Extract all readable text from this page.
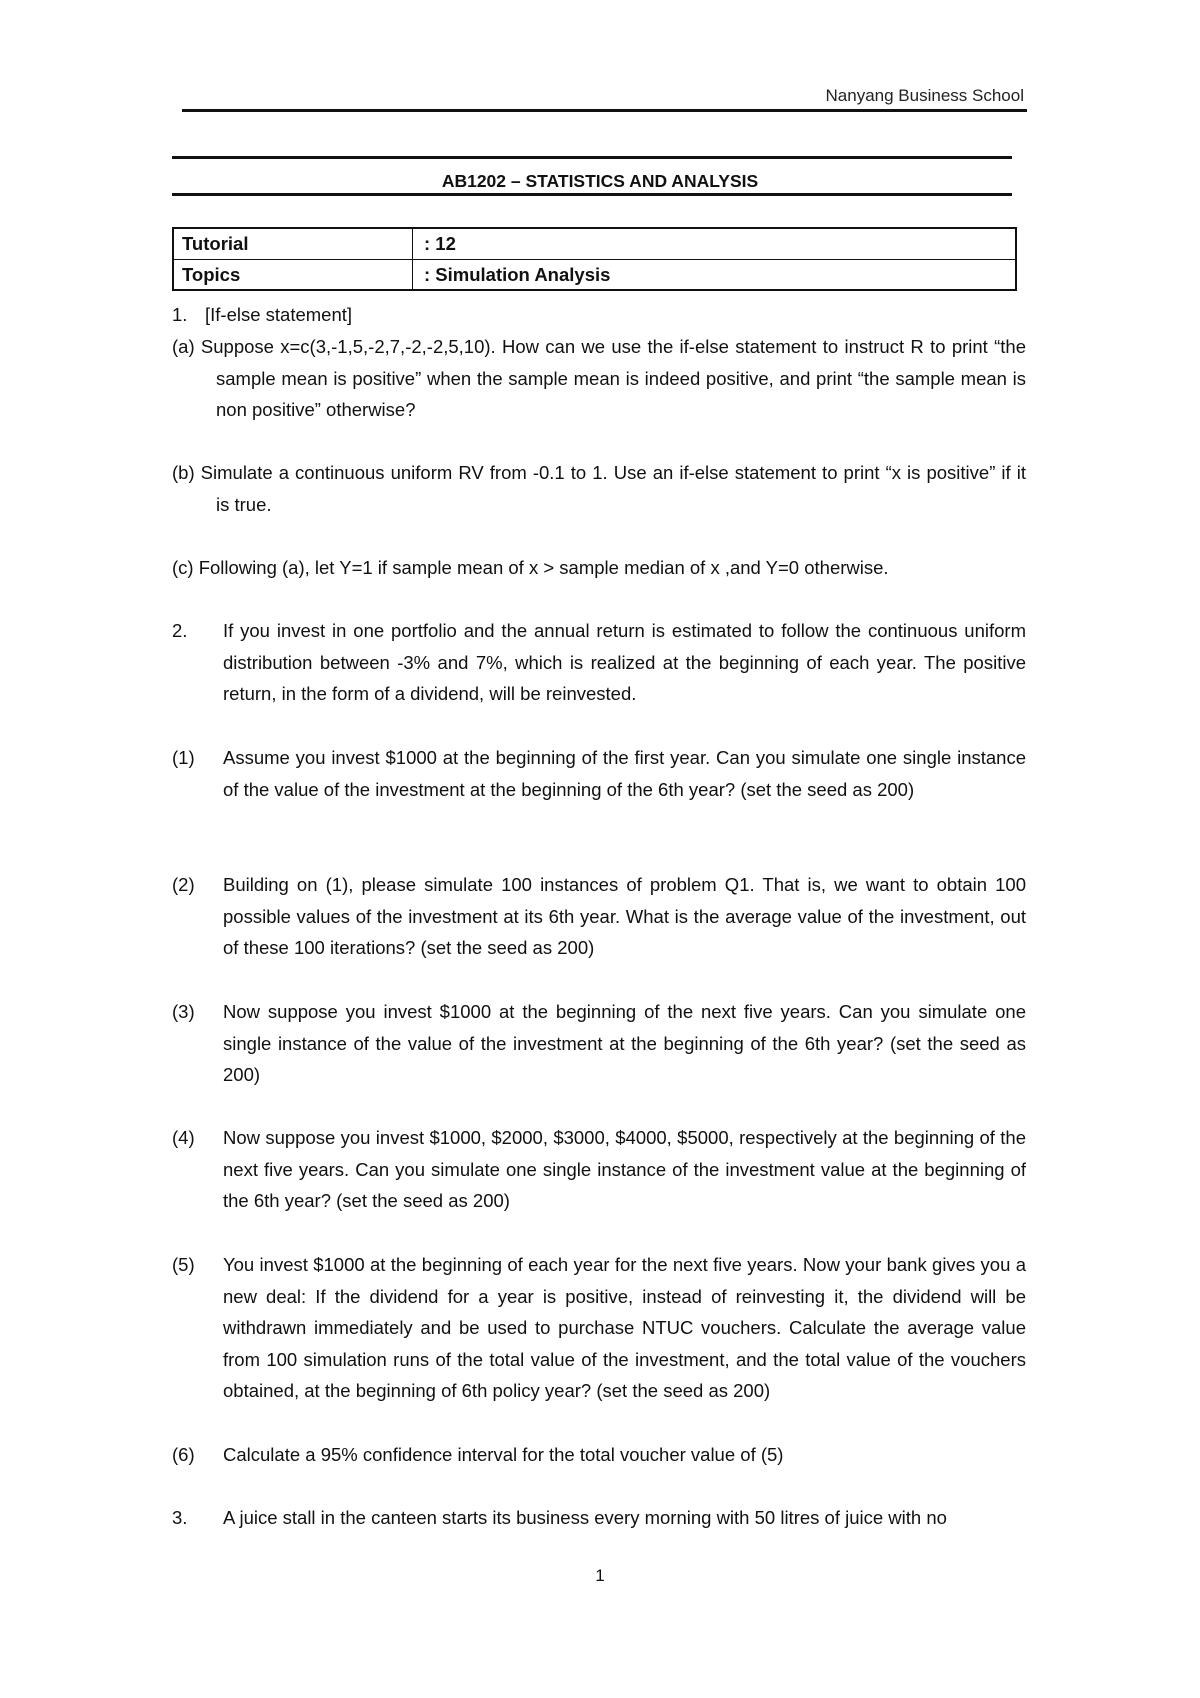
Nanyang Business School
AB1202 – STATISTICS AND ANALYSIS
Tutorial	: 12
Topics	: Simulation Analysis
1. [If-else statement]
(a) Suppose x=c(3,-1,5,-2,7,-2,-2,5,10). How can we use the if-else statement to instruct R to print “the sample mean is positive” when the sample mean is indeed positive, and print “the sample mean is non positive” otherwise?
(b) Simulate a continuous uniform RV from -0.1 to 1. Use an if-else statement to print “x is positive” if it is true.
(c) Following (a), let Y=1 if sample mean of x > sample median of x ,and Y=0 otherwise.
2. If you invest in one portfolio and the annual return is estimated to follow the continuous uniform distribution between -3% and 7%, which is realized at the beginning of each year. The positive return, in the form of a dividend, will be reinvested.
(1) Assume you invest $1000 at the beginning of the first year. Can you simulate one single instance of the value of the investment at the beginning of the 6th year? (set the seed as 200)
(2) Building on (1), please simulate 100 instances of problem Q1. That is, we want to obtain 100 possible values of the investment at its 6th year. What is the average value of the investment, out of these 100 iterations? (set the seed as 200)
(3) Now suppose you invest $1000 at the beginning of the next five years. Can you simulate one single instance of the value of the investment at the beginning of the 6th year? (set the seed as 200)
(4) Now suppose you invest $1000, $2000, $3000, $4000, $5000, respectively at the beginning of the next five years. Can you simulate one single instance of the investment value at the beginning of the 6th year? (set the seed as 200)
(5) You invest $1000 at the beginning of each year for the next five years. Now your bank gives you a new deal: If the dividend for a year is positive, instead of reinvesting it, the dividend will be withdrawn immediately and be used to purchase NTUC vouchers. Calculate the average value from 100 simulation runs of the total value of the investment, and the total value of the vouchers obtained, at the beginning of 6th policy year? (set the seed as 200)
(6) Calculate a 95% confidence interval for the total voucher value of (5)
3. A juice stall in the canteen starts its business every morning with 50 litres of juice with no
1
